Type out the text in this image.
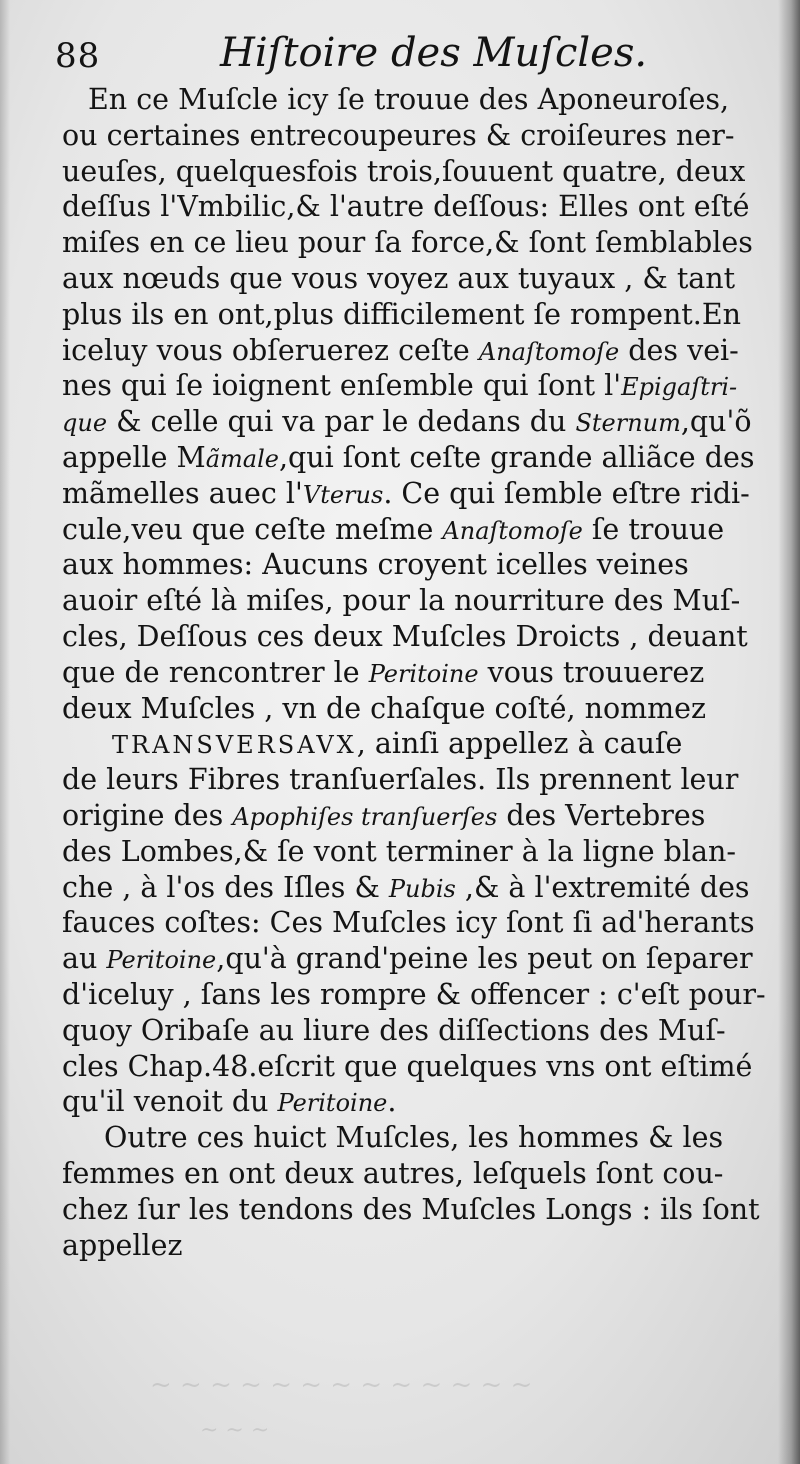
88	Hiſtoire des Muſcles.
En ce Muſcle icy ſe trouue des Aponeuroſes,
ou certaines entrecoupeures & croiſeures ner-
ueuſes, quelquesfois trois,ſouuent quatre, deux
deſſus l'Vmbilic,& l'autre deſſous: Elles ont eſté
miſes en ce lieu pour ſa force,& ſont ſemblables
aux nœuds que vous voyez aux tuyaux , & tant
plus ils en ont,plus difficilement ſe rompent.En
iceluy vous obſeruerez ceſte Anaſtomoſe des vei-
nes qui ſe ioignent enſemble qui ſont l'Epigaſtri-
que & celle qui va par le dedans du Sternum,qu'õ
appelle Mãmale,qui ſont ceſte grande alliãce des
mãmelles auec l'Vterus. Ce qui ſemble eſtre ridi-
cule,veu que ceſte meſme Anaſtomoſe ſe trouue
aux hommes: Aucuns croyent icelles veines
auoir eſté là miſes, pour la nourriture des Muſ-
cles, Deſſous ces deux Muſcles Droicts , deuant
que de rencontrer le Peritoine vous trouuerez
deux Muſcles , vn de chaſque coſté, nommez
TRANSVERSAVX, ainſi appellez à cauſe
de leurs Fibres tranſuerſales. Ils prennent leur
origine des Apophiſes tranſuerſes des Vertebres
des Lombes,& ſe vont terminer à la ligne blan-
che , à l'os des Iſles & Pubis ,& à l'extremité des
fauces coſtes: Ces Muſcles icy ſont ſi ad'herants
au Peritoine,qu'à grand'peine les peut on ſeparer
d'iceluy , ſans les rompre & offencer : c'eſt pour-
quoy Oribaſe au liure des diſſections des Muſ-
cles Chap.48.eſcrit que quelques vns ont eſtimé
qu'il venoit du Peritoine.
Outre ces huict Muſcles, les hommes & les
femmes en ont deux autres, leſquels ſont cou-
chez ſur les tendons des Muſcles Longs : ils ſont
appellez
~ ~ ~ ~ ~ ~ ~ ~ ~ ~ ~ ~ ~
~ ~ ~
